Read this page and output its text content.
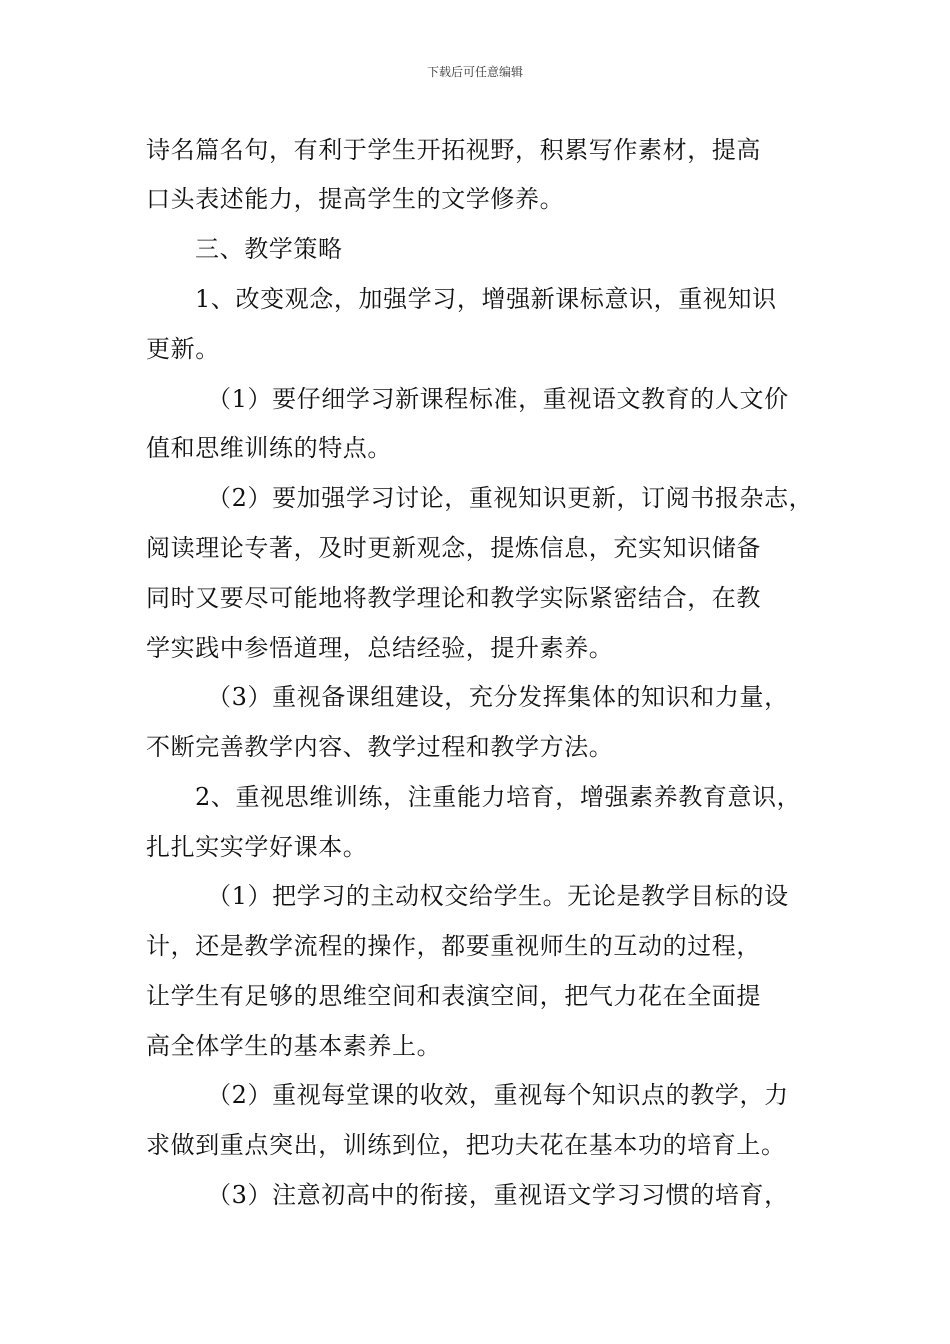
下载后可任意编辑
诗名篇名句，有利于学生开拓视野，积累写作素材，提高
口头表述能力，提高学生的文学修养。
三、教学策略
1、改变观念，加强学习，增强新课标意识，重视知识
更新。
（1）要仔细学习新课程标准，重视语文教育的人文价
值和思维训练的特点。
（2）要加强学习讨论，重视知识更新，订阅书报杂志，
阅读理论专著，及时更新观念，提炼信息，充实知识储备
同时又要尽可能地将教学理论和教学实际紧密结合，在教
学实践中参悟道理，总结经验，提升素养。
（3）重视备课组建设，充分发挥集体的知识和力量，
不断完善教学内容、教学过程和教学方法。
2、重视思维训练，注重能力培育，增强素养教育意识，
扎扎实实学好课本。
（1）把学习的主动权交给学生。无论是教学目标的设
计，还是教学流程的操作，都要重视师生的互动的过程，
让学生有足够的思维空间和表演空间，把气力花在全面提
高全体学生的基本素养上。
（2）重视每堂课的收效，重视每个知识点的教学，力
求做到重点突出，训练到位，把功夫花在基本功的培育上。
（3）注意初高中的衔接，重视语文学习习惯的培育，
